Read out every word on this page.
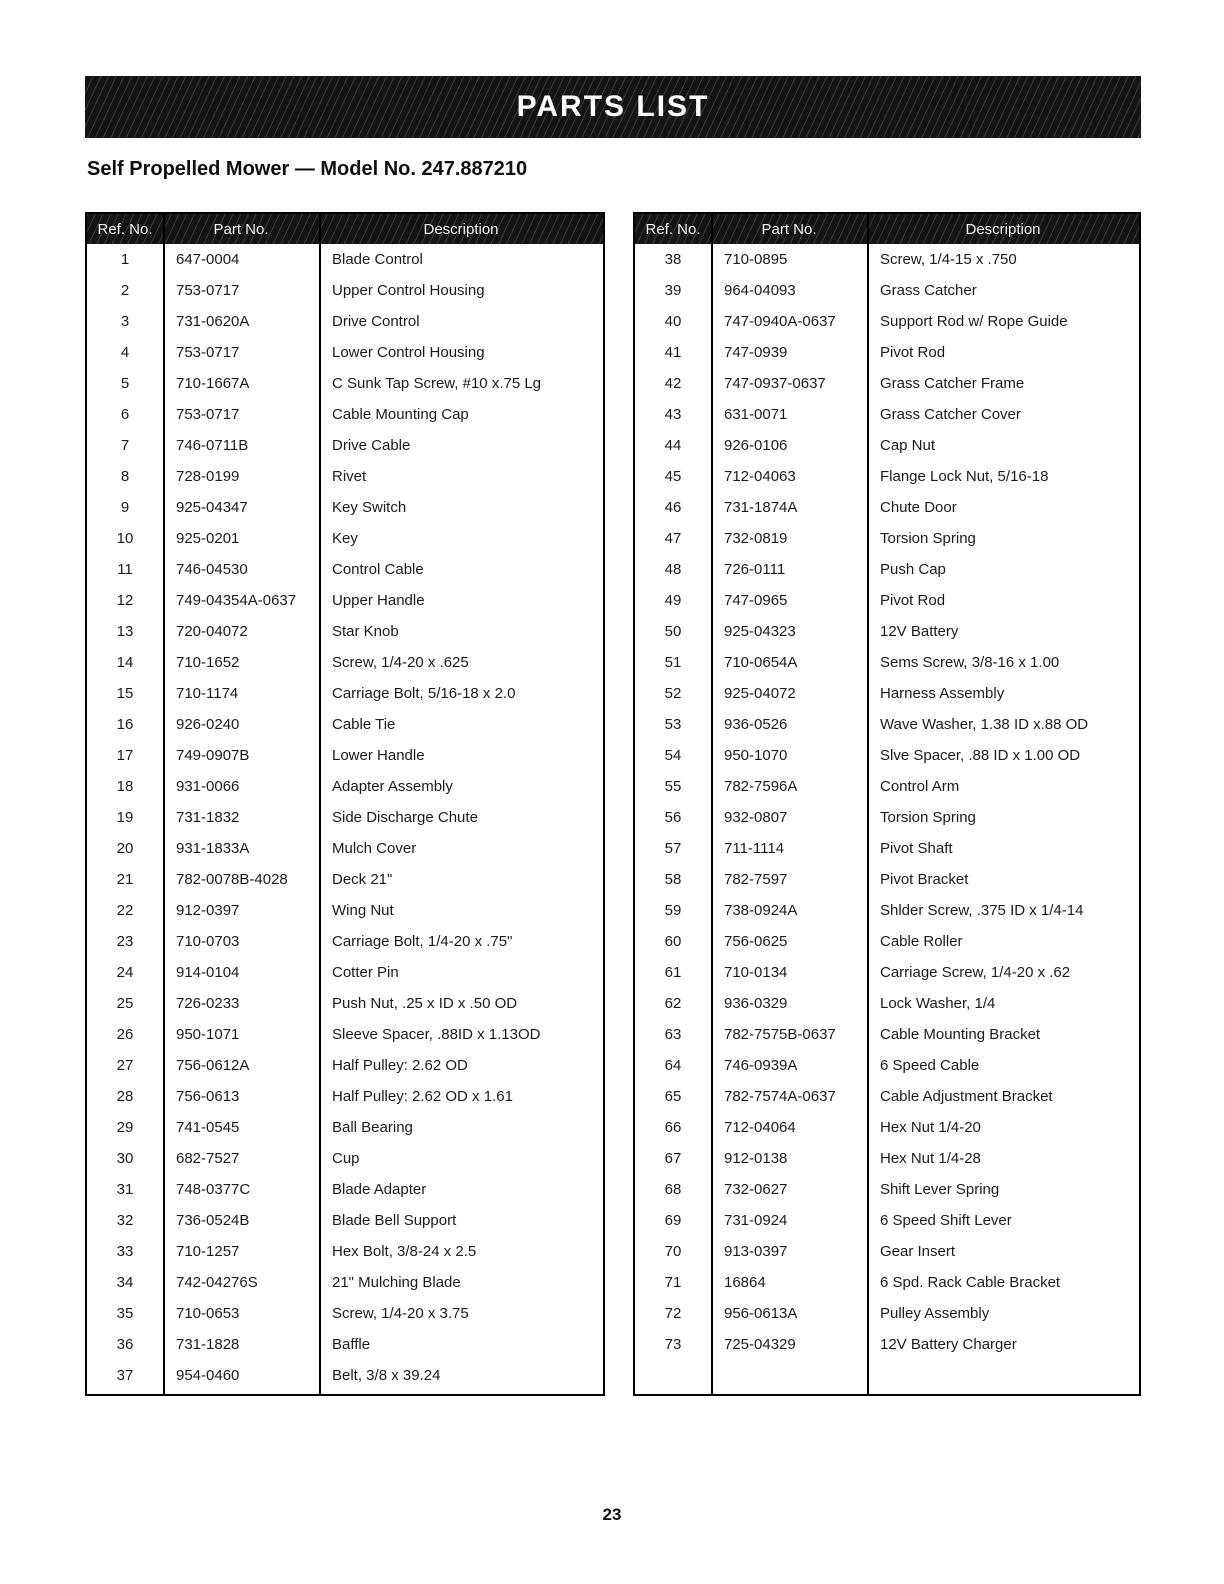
PARTS LIST
Self Propelled Mower — Model No. 247.887210
Ref. No.	Part No.	Description
1	647-0004	Blade Control
2	753-0717	Upper Control Housing
3	731-0620A	Drive Control
4	753-0717	Lower Control Housing
5	710-1667A	C Sunk Tap Screw, #10 x.75 Lg
6	753-0717	Cable Mounting Cap
7	746-0711B	Drive Cable
8	728-0199	Rivet
9	925-04347	Key Switch
10	925-0201	Key
11	746-04530	Control Cable
12	749-04354A-0637	Upper Handle
13	720-04072	Star Knob
14	710-1652	Screw, 1/4-20 x .625
15	710-1174	Carriage Bolt, 5/16-18 x 2.0
16	926-0240	Cable Tie
17	749-0907B	Lower Handle
18	931-0066	Adapter Assembly
19	731-1832	Side Discharge Chute
20	931-1833A	Mulch Cover
21	782-0078B-4028	Deck 21"
22	912-0397	Wing Nut
23	710-0703	Carriage Bolt, 1/4-20 x .75"
24	914-0104	Cotter Pin
25	726-0233	Push Nut, .25 x ID x .50 OD
26	950-1071	Sleeve Spacer, .88ID x 1.13OD
27	756-0612A	Half Pulley: 2.62 OD
28	756-0613	Half Pulley: 2.62 OD x 1.61
29	741-0545	Ball Bearing
30	682-7527	Cup
31	748-0377C	Blade Adapter
32	736-0524B	Blade Bell Support
33	710-1257	Hex Bolt, 3/8-24 x 2.5
34	742-04276S	21" Mulching Blade
35	710-0653	Screw, 1/4-20 x 3.75
36	731-1828	Baffle
37	954-0460	Belt, 3/8 x 39.24
Ref. No.	Part No.	Description
38	710-0895	Screw, 1/4-15 x .750
39	964-04093	Grass Catcher
40	747-0940A-0637	Support Rod w/ Rope Guide
41	747-0939	Pivot Rod
42	747-0937-0637	Grass Catcher Frame
43	631-0071	Grass Catcher Cover
44	926-0106	Cap Nut
45	712-04063	Flange Lock Nut, 5/16-18
46	731-1874A	Chute Door
47	732-0819	Torsion Spring
48	726-0111	Push Cap
49	747-0965	Pivot Rod
50	925-04323	12V Battery
51	710-0654A	Sems Screw, 3/8-16 x 1.00
52	925-04072	Harness Assembly
53	936-0526	Wave Washer, 1.38 ID x.88 OD
54	950-1070	Slve Spacer, .88 ID x 1.00 OD
55	782-7596A	Control Arm
56	932-0807	Torsion Spring
57	711-1114	Pivot Shaft
58	782-7597	Pivot Bracket
59	738-0924A	Shlder Screw, .375 ID x 1/4-14
60	756-0625	Cable Roller
61	710-0134	Carriage Screw, 1/4-20 x .62
62	936-0329	Lock Washer, 1/4
63	782-7575B-0637	Cable Mounting Bracket
64	746-0939A	6 Speed Cable
65	782-7574A-0637	Cable Adjustment Bracket
66	712-04064	Hex Nut 1/4-20
67	912-0138	Hex Nut 1/4-28
68	732-0627	Shift Lever Spring
69	731-0924	6 Speed Shift Lever
70	913-0397	Gear Insert
71	16864	6 Spd. Rack Cable Bracket
72	956-0613A	Pulley Assembly
73	725-04329	12V Battery Charger
23
